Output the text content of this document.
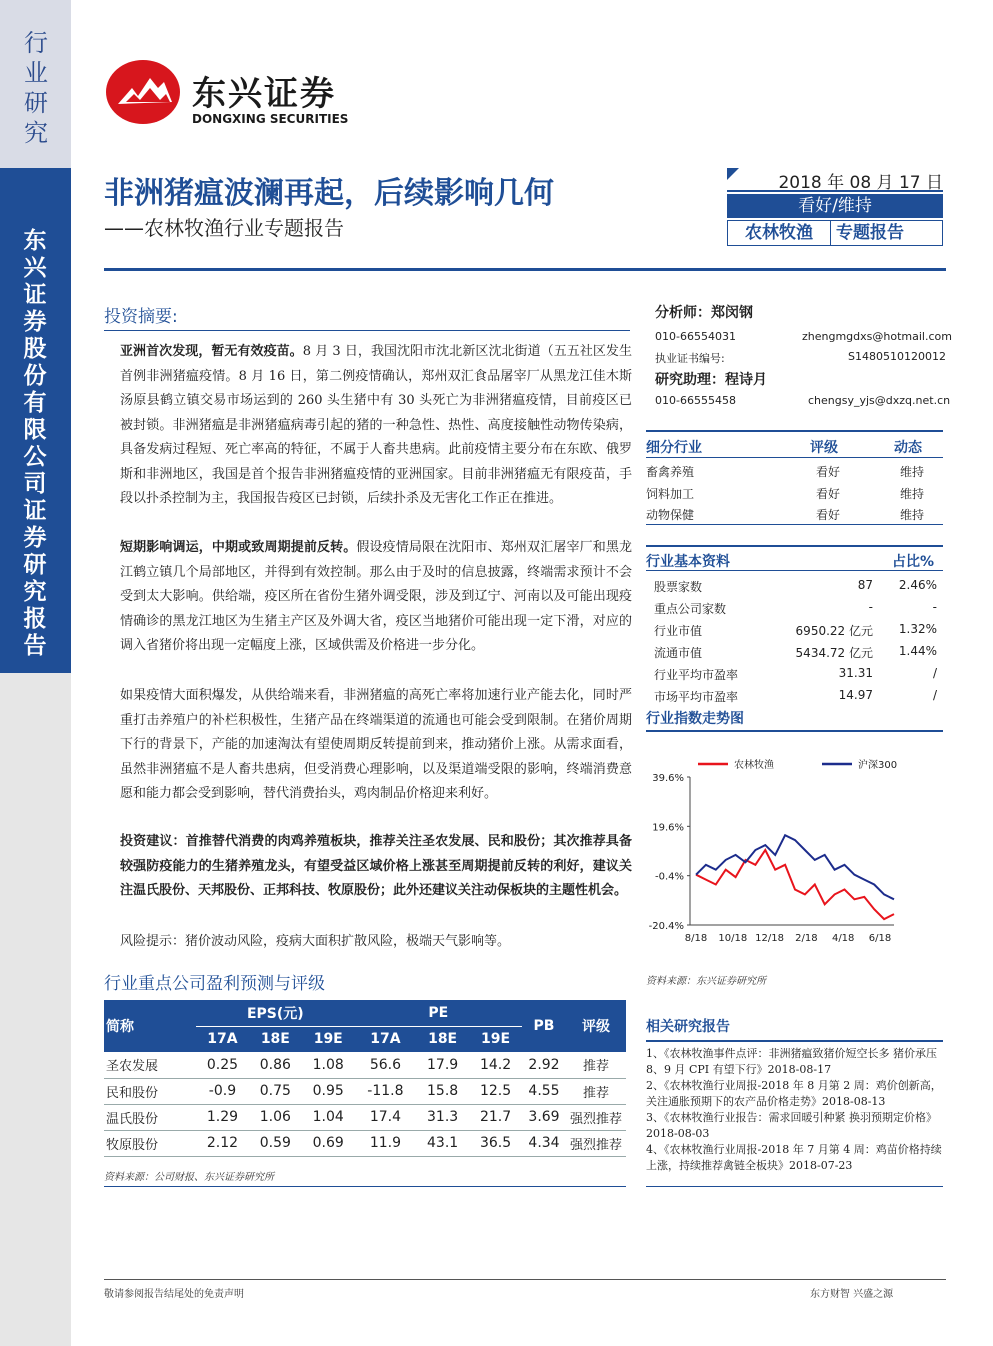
行业研究
东兴证券股份有限公司证券研究报告
东兴证券
DONGXING SECURITIES
非洲猪瘟波澜再起，后续影响几何
——农林牧渔行业专题报告
2018 年 08 月 17 日
看好/维持
农林牧渔	专题报告
投资摘要:
亚洲首次发现，暂无有效疫苗。8 月 3 日，我国沈阳市沈北新区沈北街道（五五社区发生首例非洲猪瘟疫情。8 月 16 日，第二例疫情确认，郑州双汇食品屠宰厂从黑龙江佳木斯汤原县鹤立镇交易市场运到的 260 头生猪中有 30 头死亡为非洲猪瘟疫情，目前疫区已被封锁。非洲猪瘟是非洲猪瘟病毒引起的猪的一种急性、热性、高度接触性动物传染病，具备发病过程短、死亡率高的特征，不属于人畜共患病。此前疫情主要分布在东欧、俄罗斯和非洲地区，我国是首个报告非洲猪瘟疫情的亚洲国家。目前非洲猪瘟无有限疫苗，手段以扑杀控制为主，我国报告疫区已封锁，后续扑杀及无害化工作正在推进。
短期影响调运，中期或致周期提前反转。假设疫情局限在沈阳市、郑州双汇屠宰厂和黑龙江鹤立镇几个局部地区，并得到有效控制。那么由于及时的信息披露，终端需求预计不会受到太大影响。供给端，疫区所在省份生猪外调受限，涉及到辽宁、河南以及可能出现疫情确诊的黑龙江地区为生猪主产区及外调大省，疫区当地猪价可能出现一定下滑，对应的调入省猪价将出现一定幅度上涨，区域供需及价格进一步分化。
如果疫情大面积爆发，从供给端来看，非洲猪瘟的高死亡率将加速行业产能去化，同时严重打击养殖户的补栏积极性，生猪产品在终端渠道的流通也可能会受到限制。在猪价周期下行的背景下，产能的加速淘汰有望使周期反转提前到来，推动猪价上涨。从需求面看，虽然非洲猪瘟不是人畜共患病，但受消费心理影响，以及渠道端受限的影响，终端消费意愿和能力都会受到影响，替代消费抬头，鸡肉制品价格迎来利好。
投资建议：首推替代消费的肉鸡养殖板块，推荐关注圣农发展、民和股份；其次推荐具备较强防疫能力的生猪养殖龙头，有望受益区域价格上涨甚至周期提前反转的利好，建议关注温氏股份、天邦股份、正邦科技、牧原股份；此外还建议关注动保板块的主题性机会。
风险提示：猪价波动风险，疫病大面积扩散风险，极端天气影响等。
分析师：郑闵钢
010-66554031	zhengmgdxs@hotmail.com
执业证书编号:	S1480510120012
研究助理：程诗月
010-66555458	chengsy_yjs@dxzq.net.cn
细分行业	评级	动态
畜禽养殖	看好	维持
饲料加工	看好	维持
动物保健	看好	维持
行业基本资料	占比%
股票家数	87 2.46%
重点公司家数	-	-
行业市值	6950.22 亿元 1.32%
流通市值	5434.72 亿元 1.44%
行业平均市盈率	31.31	/
市场平均市盈率	14.97	/
行业指数走势图
农林牧渔	沪深300
39.6%
19.6%
-0.4%
-20.4%
8/18 10/18 12/18 2/18 4/18 6/18
资料来源：东兴证券研究所
行业重点公司盈利预测与评级
简称	EPS(元)			PE			PB	评级
	17A	18E	19E	17A	18E	19E		
圣农发展	0.25	0.86	1.08	56.6	17.9	14.2	2.92	推荐
民和股份	-0.9	0.75	0.95	-11.8	15.8	12.5	4.55	推荐
温氏股份	1.29	1.06	1.04	17.4	31.3	21.7	3.69	强烈推荐
牧原股份	2.12	0.59	0.69	11.9	43.1	36.5	4.34	强烈推荐
资料来源：公司财报、东兴证券研究所
相关研究报告
1、《农林牧渔事件点评：非洲猪瘟致猪价短空长多 猪价承压 8、9 月 CPI 有望下行》2018-08-17
2、《农林牧渔行业周报-2018 年 8 月第 2 周：鸡价创新高，关注通胀预期下的农产品价格走势》2018-08-13
3、《农林牧渔行业报告：需求回暖引种紧 换羽预期定价格》2018-08-03
4、《农林牧渔行业周报-2018 年 7 月第 4 周：鸡苗价格持续上涨，持续推荐禽链全板块》2018-07-23
敬请参阅报告结尾处的免责声明	东方财智 兴盛之源
